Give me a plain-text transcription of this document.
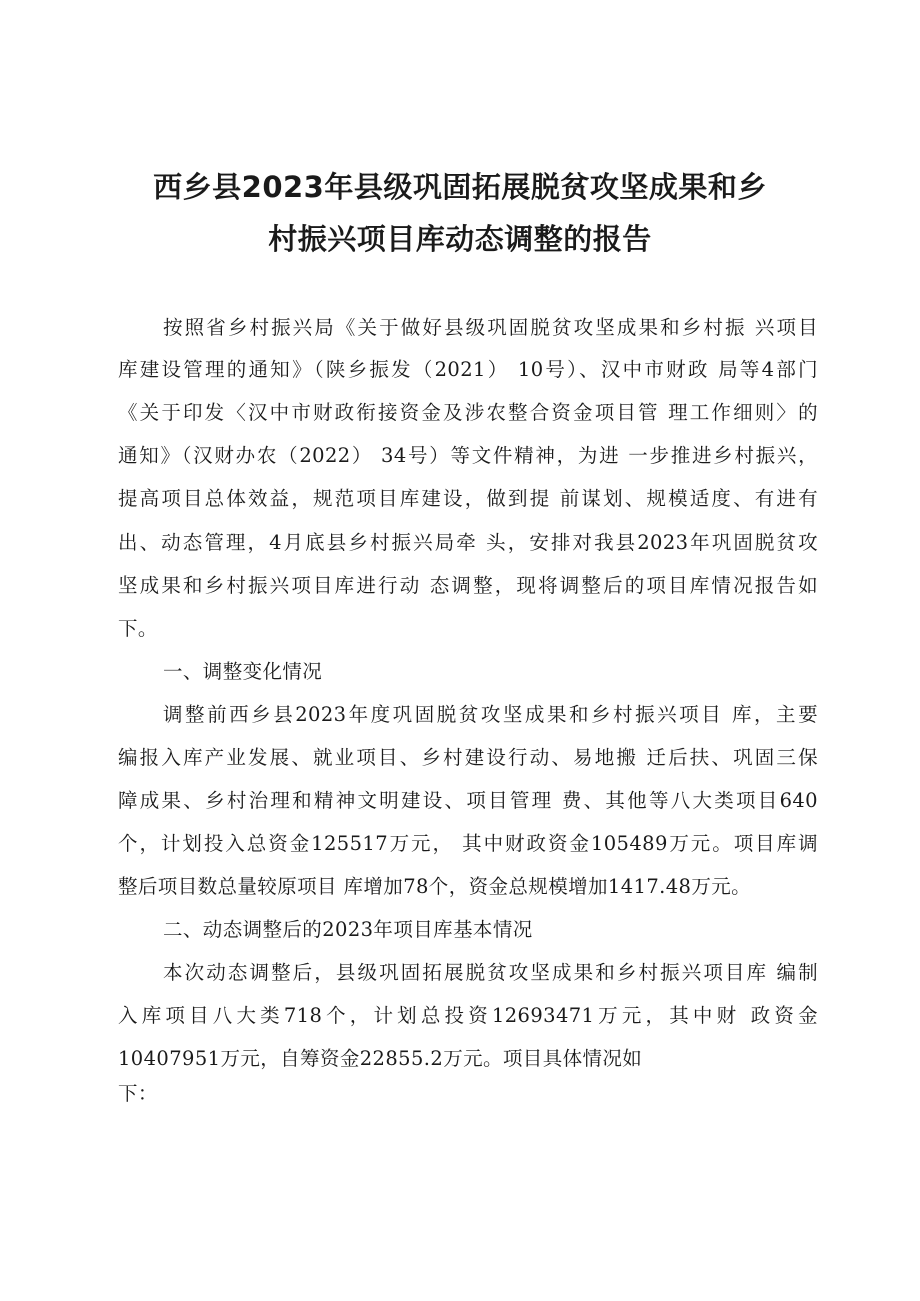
西乡县2023年县级巩固拓展脱贫攻坚成果和乡
村振兴项目库动态调整的报告
按照省乡村振兴局《关于做好县级巩固脱贫攻坚成果和乡村振 兴项目
库建设管理的通知》（陕乡振发（2021） 10号）、汉中市财政 局等4部门
《关于印发〈汉中市财政衔接资金及涉农整合资金项目管 理工作细则〉的
通知》（汉财办农（2022） 34号）等文件精神，为进 一步推进乡村振兴，
提高项目总体效益，规范项目库建设，做到提 前谋划、规模适度、有进有
出、动态管理，4月底县乡村振兴局牵 头，安排对我县2023年巩固脱贫攻
坚成果和乡村振兴项目库进行动 态调整，现将调整后的项目库情况报告如
下。
一、调整变化情况
调整前西乡县2023年度巩固脱贫攻坚成果和乡村振兴项目 库，主要
编报入库产业发展、就业项目、乡村建设行动、易地搬 迁后扶、巩固三保
障成果、乡村治理和精神文明建设、项目管理 费、其他等八大类项目640
个，计划投入总资金125517万元， 其中财政资金105489万元。项目库调
整后项目数总量较原项目 库增加78个，资金总规模增加1417.48万元。
二、动态调整后的2023年项目库基本情况
本次动态调整后，县级巩固拓展脱贫攻坚成果和乡村振兴项目库 编制
入库项目八大类718个，计划总投资12693471万元，其中财 政资金
10407951万元，自筹资金22855.2万元。项目具体情况如
下：
